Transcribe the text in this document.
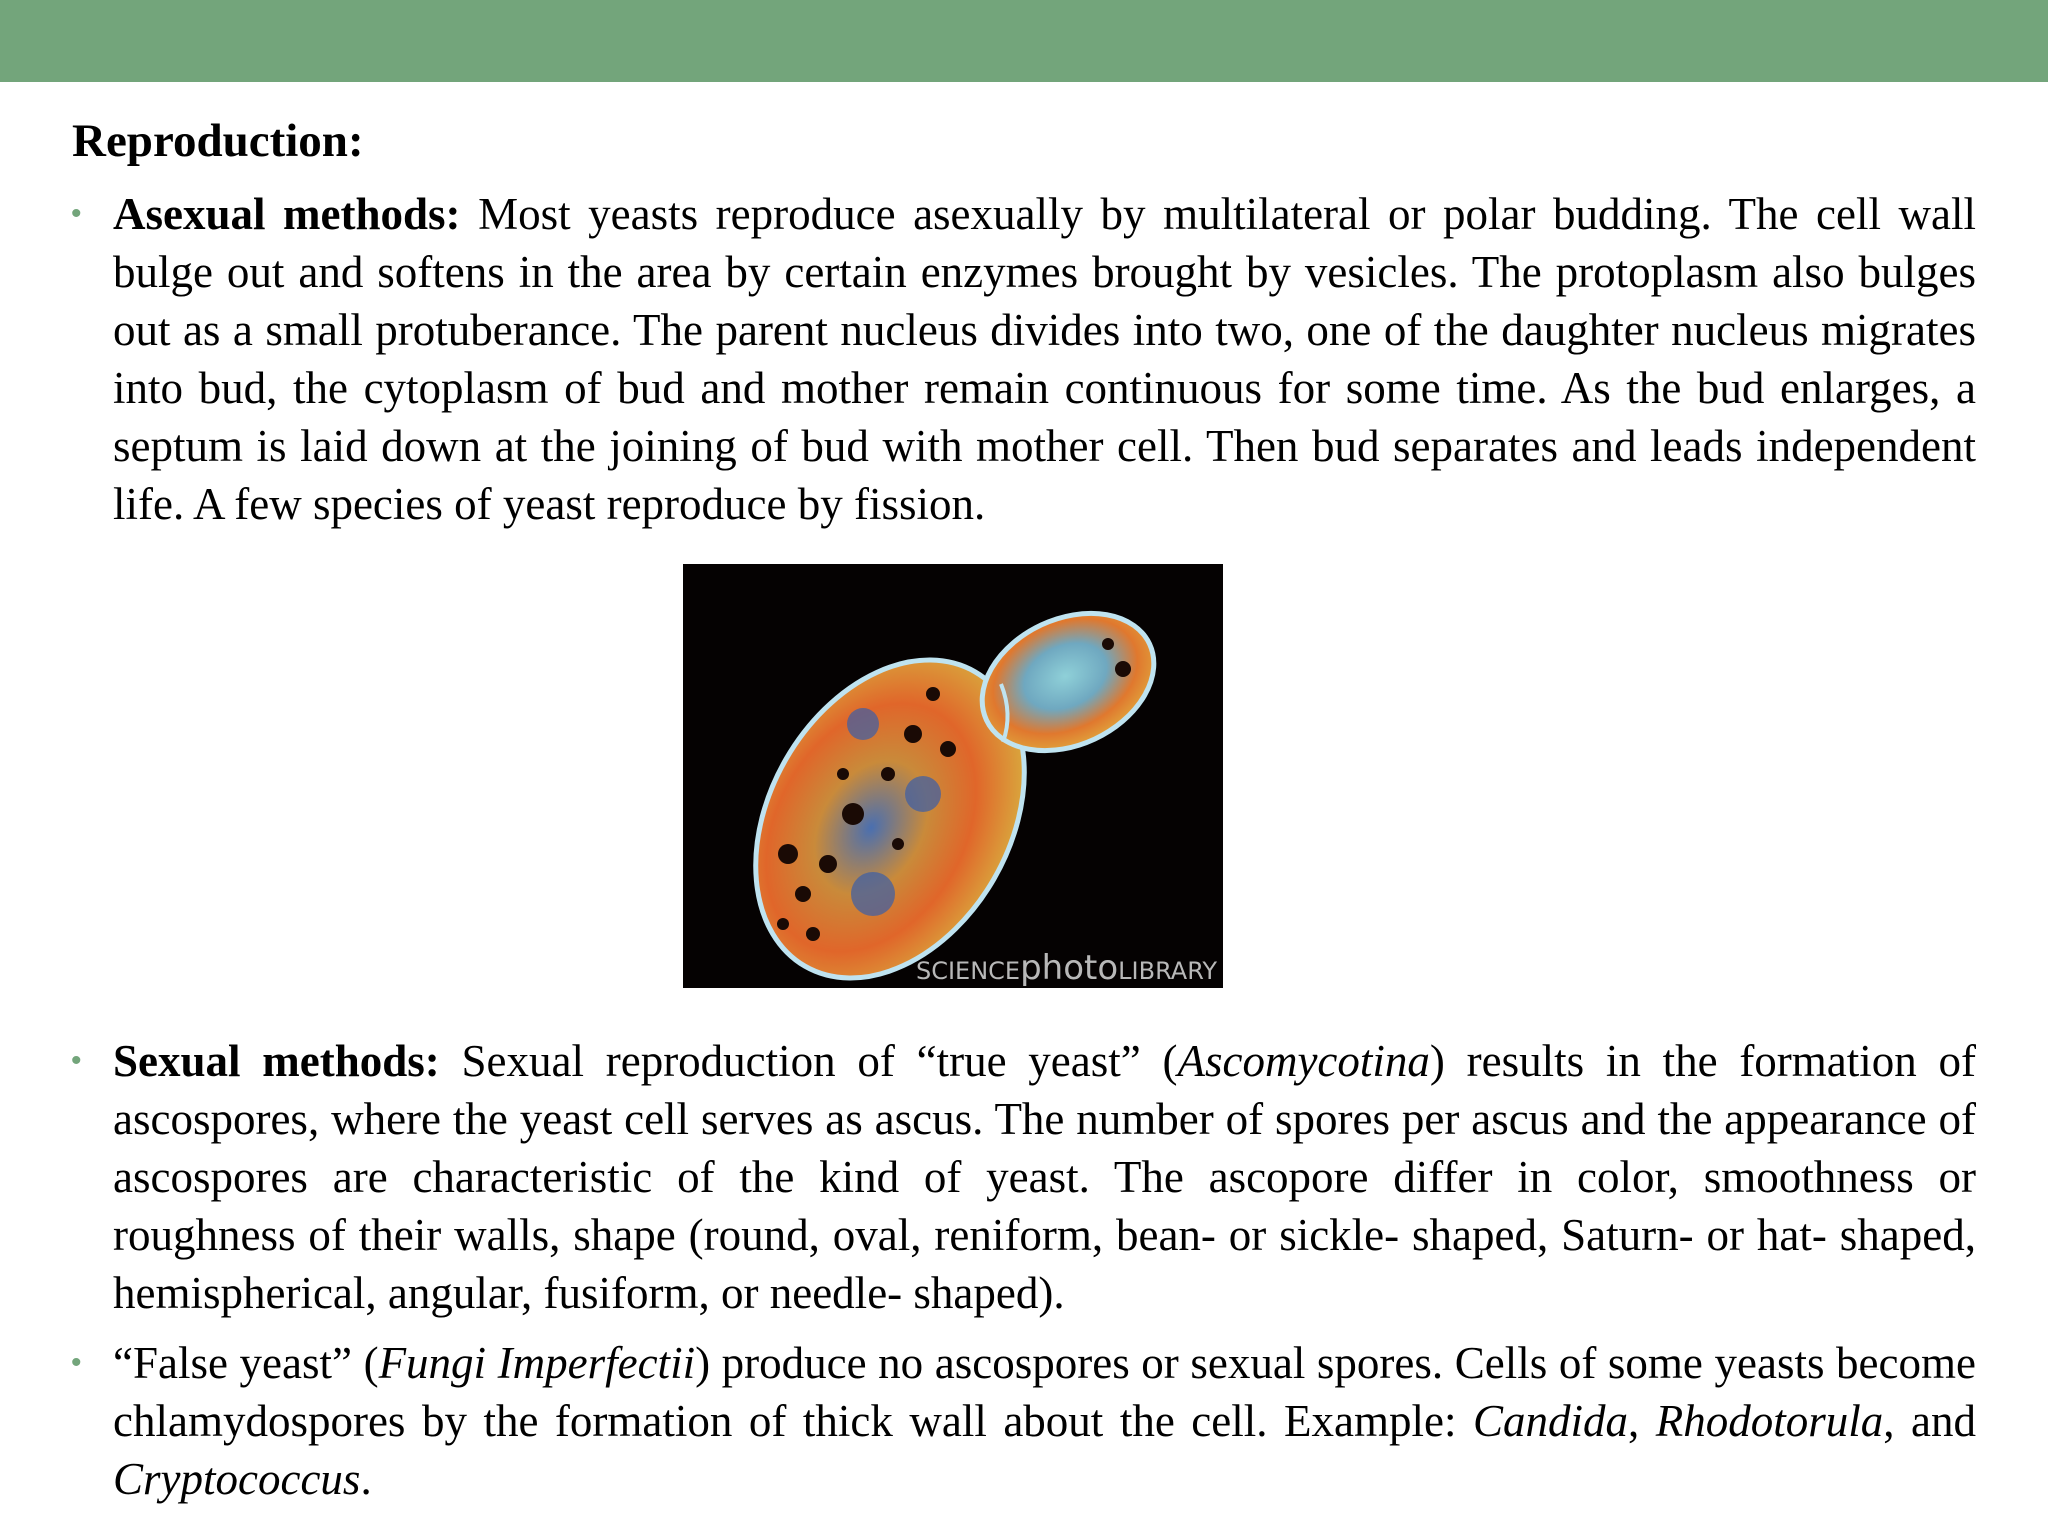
Reproduction:
• Asexual methods: Most yeasts reproduce asexually by multilateral or polar budding. The cell wall bulge out and softens in the area by certain enzymes brought by vesicles. The protoplasm also bulges out as a small protuberance. The parent nucleus divides into two, one of the daughter nucleus migrates into bud, the cytoplasm of bud and mother remain continuous for some time. As the bud enlarges, a septum is laid down at the joining of bud with mother cell. Then bud separates and leads independent life. A few species of yeast reproduce by fission.
SCIENCEphotoLIBRARY
• Sexual methods: Sexual reproduction of “true yeast” (Ascomycotina) results in the formation of ascospores, where the yeast cell serves as ascus. The number of spores per ascus and the appearance of ascospores are characteristic of the kind of yeast. The ascopore differ in color, smoothness or roughness of their walls, shape (round, oval, reniform, bean- or sickle- shaped, Saturn- or hat- shaped, hemispherical, angular, fusiform, or needle- shaped).
• “False yeast” (Fungi Imperfectii) produce no ascospores or sexual spores. Cells of some yeasts become chlamydospores by the formation of thick wall about the cell. Example: Candida, Rhodotorula, and Cryptococcus.
